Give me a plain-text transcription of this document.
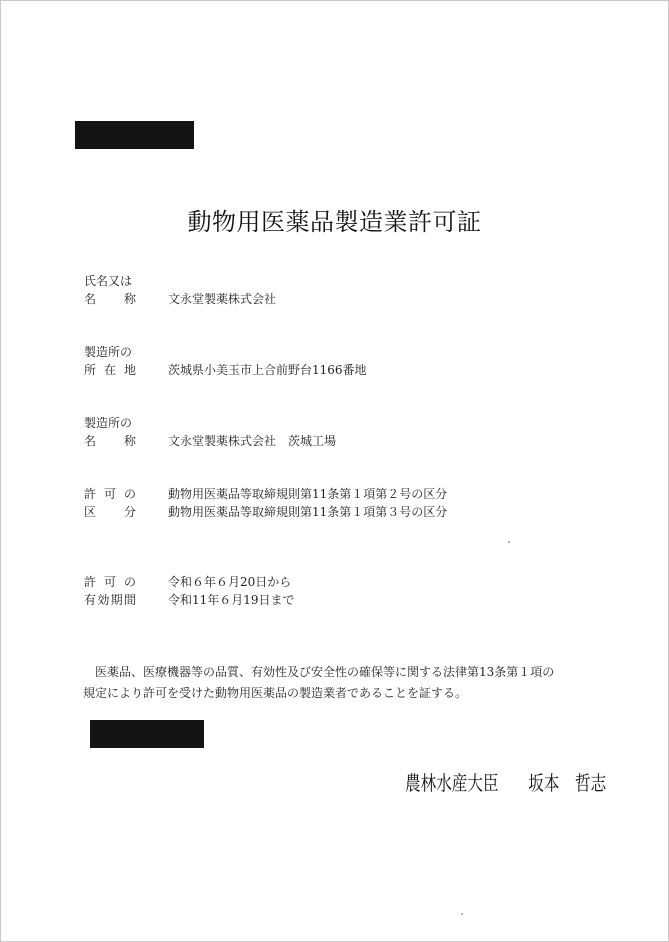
動物用医薬品製造業許可証
氏名又は
名　称	文永堂製薬株式会社
製造所の
所 在 地	茨城県小美玉市上合前野台1166番地
製造所の
名　称	文永堂製薬株式会社　茨城工場
許 可 の	動物用医薬品等取締規則第11条第１項第２号の区分
区　分	動物用医薬品等取締規則第11条第１項第３号の区分
許 可 の	令和６年６月20日から
有効期間	令和11年６月19日まで

医薬品、医療機器等の品質、有効性及び安全性の確保等に関する法律第13条第１項の

規定により許可を受けた動物用医薬品の製造業者であることを証する。

農林水産大臣 坂本　哲志
